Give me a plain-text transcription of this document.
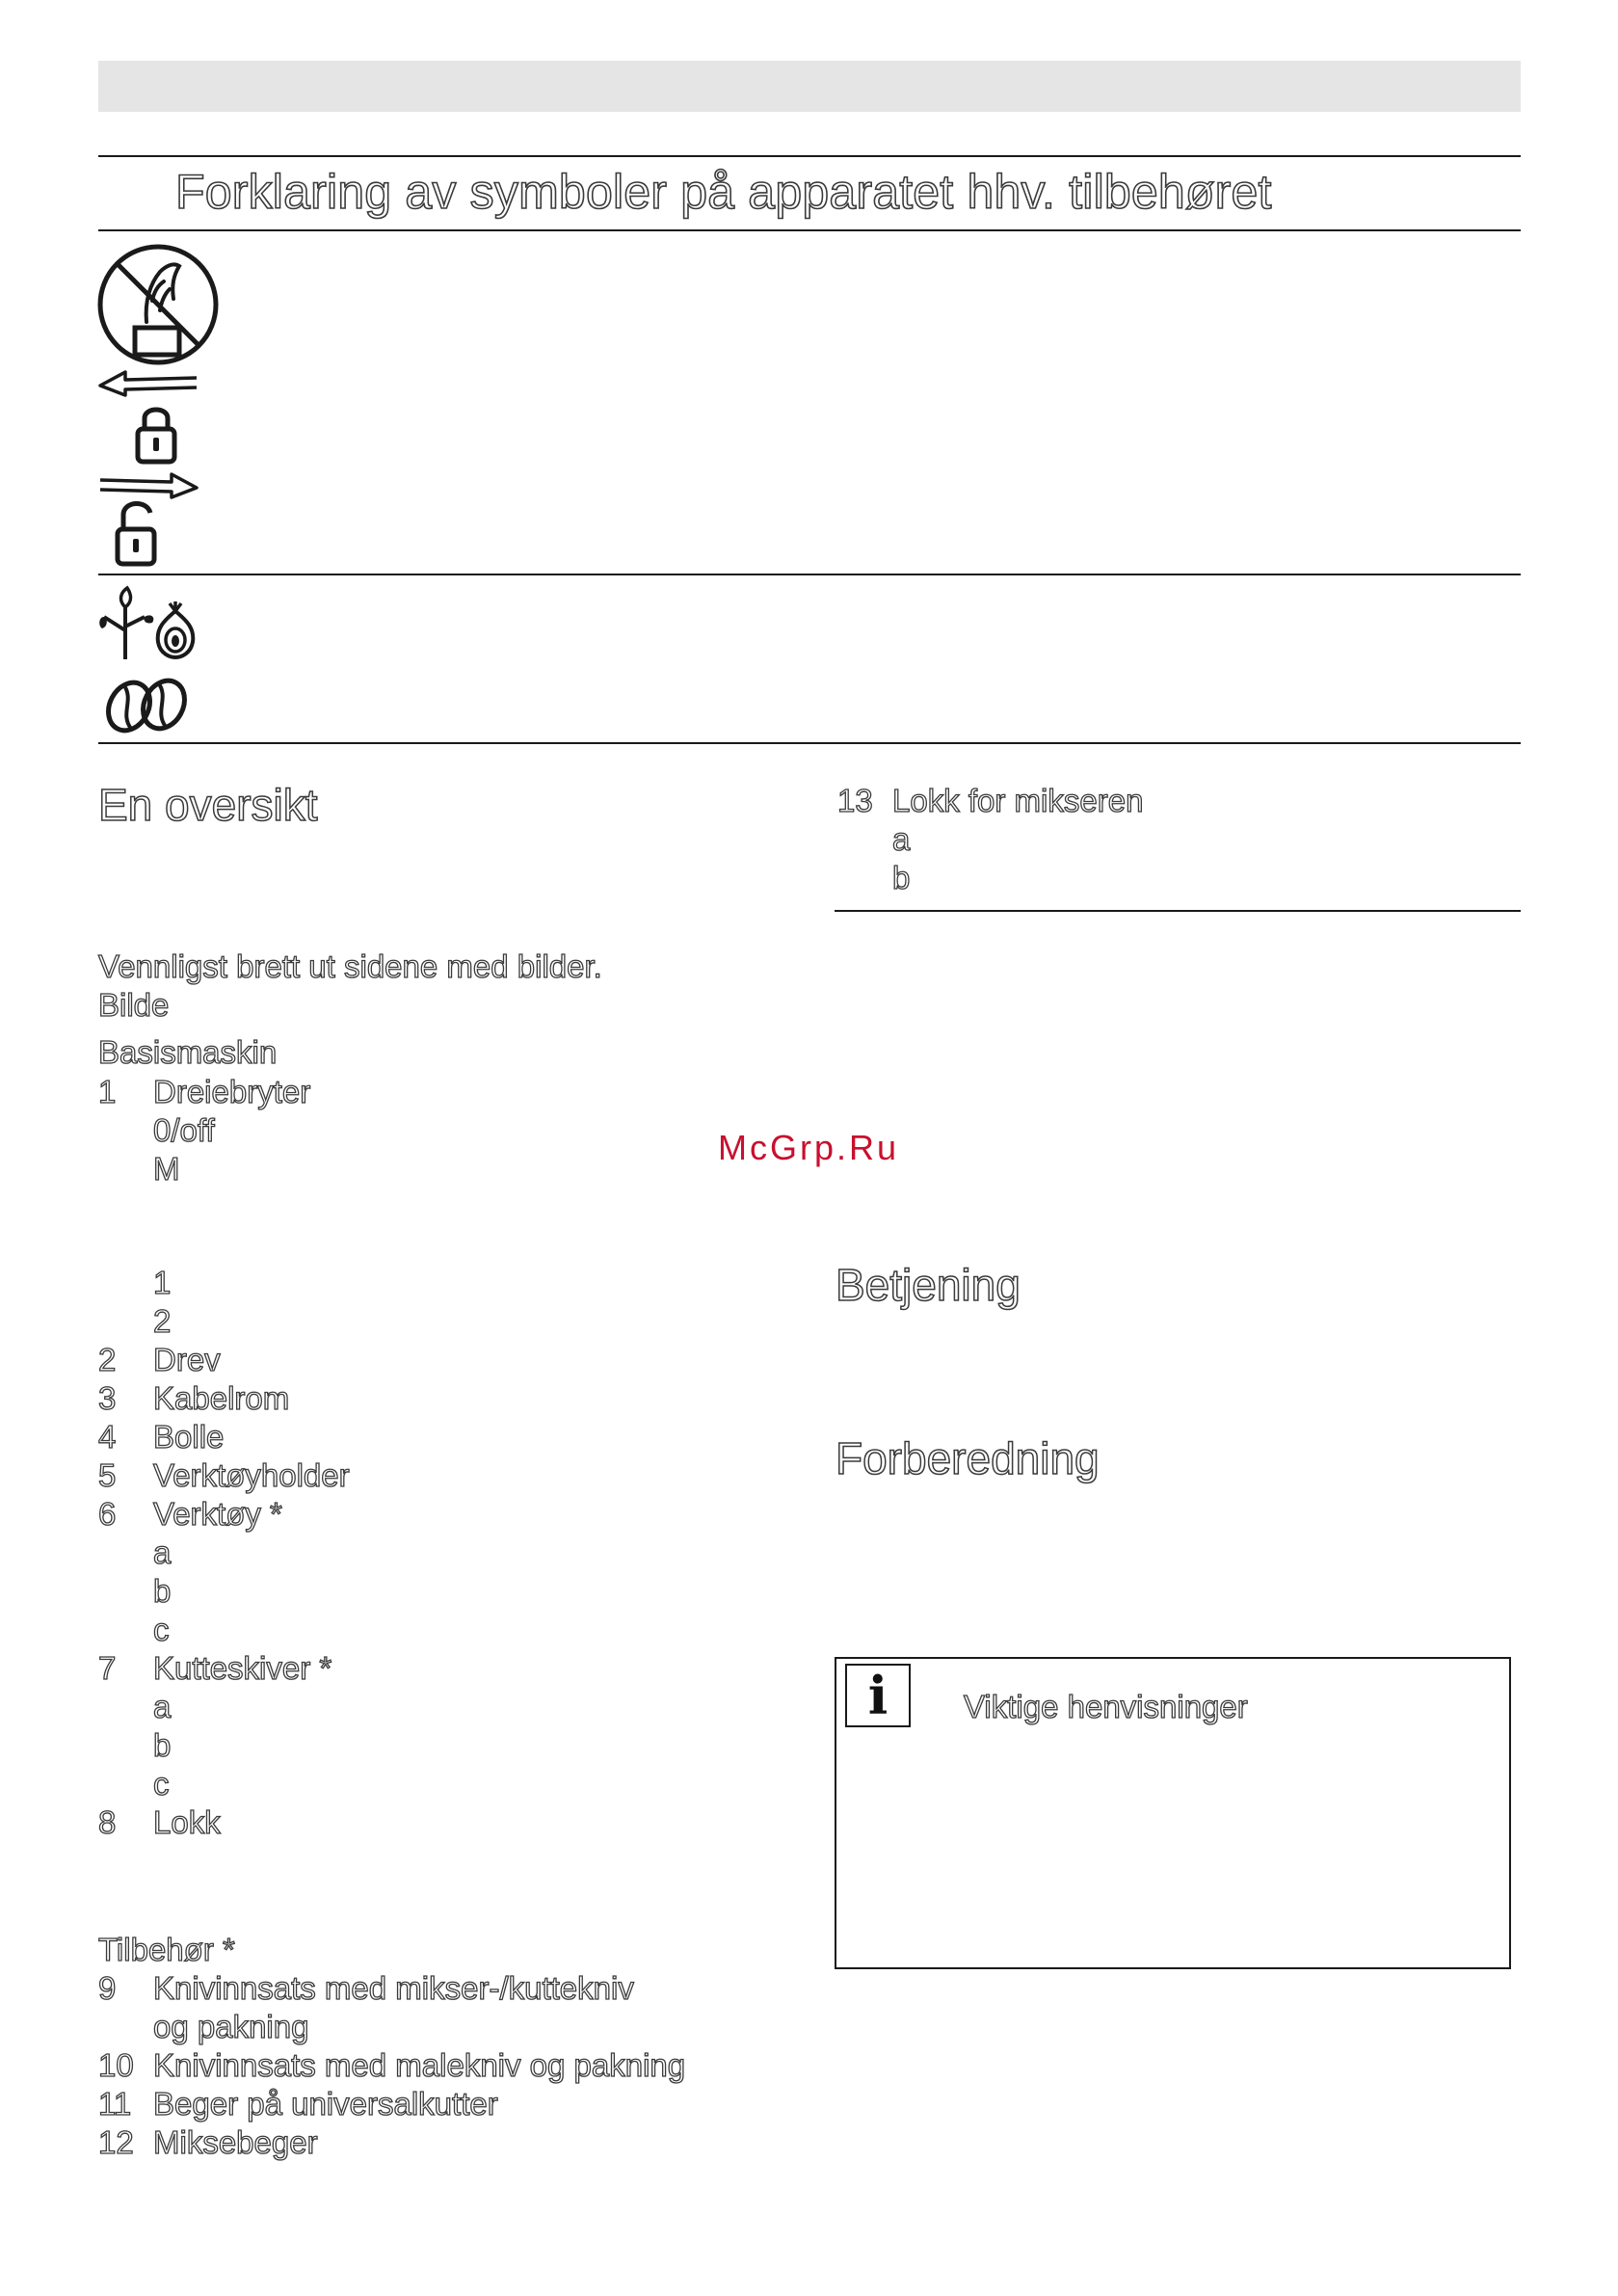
Forklaring av symboler på apparatet hhv. tilbehøret
En oversikt
Vennligst brett ut sidene med bilder.
Bilde
Basismaskin
1 Dreiebryter
0/off
M
1
2
2 Drev
3 Kabelrom
4 Bolle
5 Verktøyholder
6 Verktøy *
a
b
c
7 Kutteskiver *
a
b
c
8 Lokk
Tilbehør *
9 Knivinnsats med mikser-/kuttekniv
og pakning
10 Knivinnsats med malekniv og pakning
11 Beger på universalkutter
12 Miksebeger
13 Lokk for mikseren
a
b
McGrp.Ru
Betjening
Forberedning
i	Viktige henvisninger
